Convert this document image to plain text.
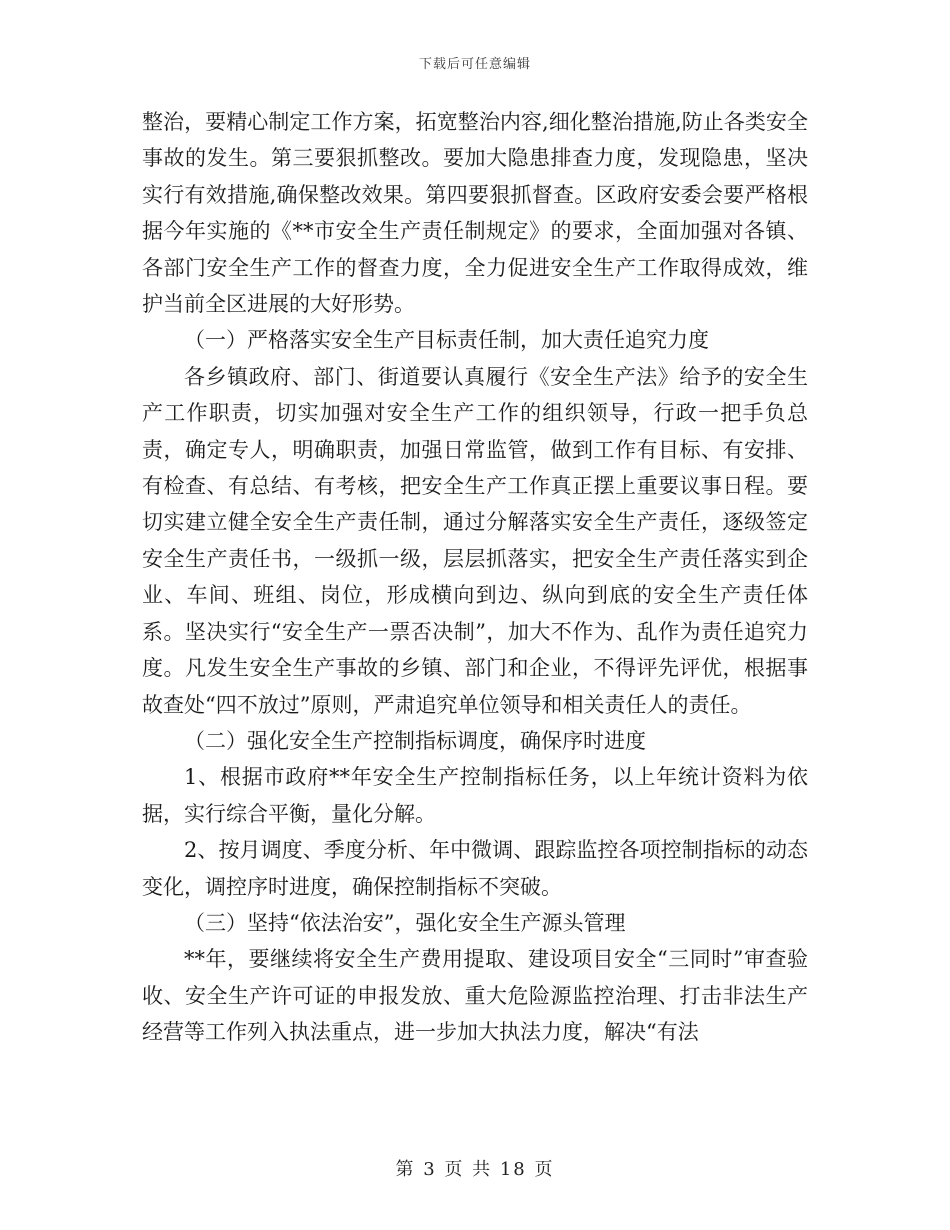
下载后可任意编辑

整治，要精心制定工作方案，拓宽整治内容,细化整治措施,防止各类安全事故的发生。第三要狠抓整改。要加大隐患排查力度，发现隐患，坚决实行有效措施,确保整改效果。第四要狠抓督查。区政府安委会要严格根据今年实施的《**市安全生产责任制规定》的要求，全面加强对各镇、各部门安全生产工作的督查力度，全力促进安全生产工作取得成效，维护当前全区进展的大好形势。

（一）严格落实安全生产目标责任制，加大责任追究力度

各乡镇政府、部门、街道要认真履行《安全生产法》给予的安全生产工作职责，切实加强对安全生产工作的组织领导，行政一把手负总责，确定专人，明确职责，加强日常监管，做到工作有目标、有安排、有检查、有总结、有考核，把安全生产工作真正摆上重要议事日程。要切实建立健全安全生产责任制，通过分解落实安全生产责任，逐级签定安全生产责任书，一级抓一级，层层抓落实，把安全生产责任落实到企业、车间、班组、岗位，形成横向到边、纵向到底的安全生产责任体系。坚决实行“安全生产一票否决制”，加大不作为、乱作为责任追究力度。凡发生安全生产事故的乡镇、部门和企业，不得评先评优，根据事故查处“四不放过”原则，严肃追究单位领导和相关责任人的责任。

（二）强化安全生产控制指标调度，确保序时进度

1、根据市政府**年安全生产控制指标任务，以上年统计资料为依据，实行综合平衡，量化分解。

2、按月调度、季度分析、年中微调、跟踪监控各项控制指标的动态变化，调控序时进度，确保控制指标不突破。

（三）坚持“依法治安”，强化安全生产源头管理

**年，要继续将安全生产费用提取、建设项目安全“三同时”审查验收、安全生产许可证的申报发放、重大危险源监控治理、打击非法生产经营等工作列入执法重点，进一步加大执法力度，解决“有法

第 3 页 共 18 页
